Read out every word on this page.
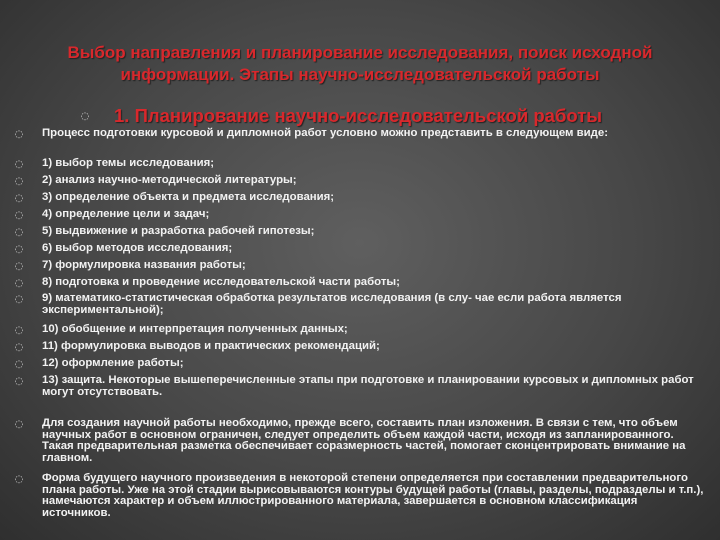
Выбор направления и планирование исследования, поиск исходной информации. Этапы научно-исследовательской работы
◌ 1. Планирование научно-исследовательской работы
◌ Процесс подготовки курсовой и дипломной работ условно можно представить в следующем виде:
◌ 1) выбор темы исследования;
◌ 2) анализ научно-методической литературы;
◌ 3) определение объекта и предмета исследования;
◌ 4) определение цели и задач;
◌ 5) выдвижение и разработка рабочей гипотезы;
◌ 6) выбор методов исследования;
◌ 7) формулировка названия работы;
◌ 8) подготовка и проведение исследовательской части работы;
◌ 9) математико-статистическая обработка результатов исследования (в слу- чае если работа является экспериментальной);
◌ 10) обобщение и интерпретация полученных данных;
◌ 11) формулировка выводов и практических рекомендаций;
◌ 12) оформление работы;
◌ 13) защита. Некоторые вышеперечисленные этапы при подготовке и планировании курсовых и дипломных работ могут отсутствовать.
◌ Для создания научной работы необходимо, прежде всего, составить план изложения. В связи с тем, что объем научных работ в основном ограничен, следует определить объем каждой части, исходя из запланированного. Такая предварительная разметка обеспечивает соразмерность частей, помогает сконцентрировать внимание на главном.
◌ Форма будущего научного произведения в некоторой степени определяется при составлении предварительного плана работы. Уже на этой стадии вырисовываются контуры будущей работы (главы, разделы, подразделы и т.п.), намечаются характер и объем иллюстрированного материала, завершается в основном классификация источников.
